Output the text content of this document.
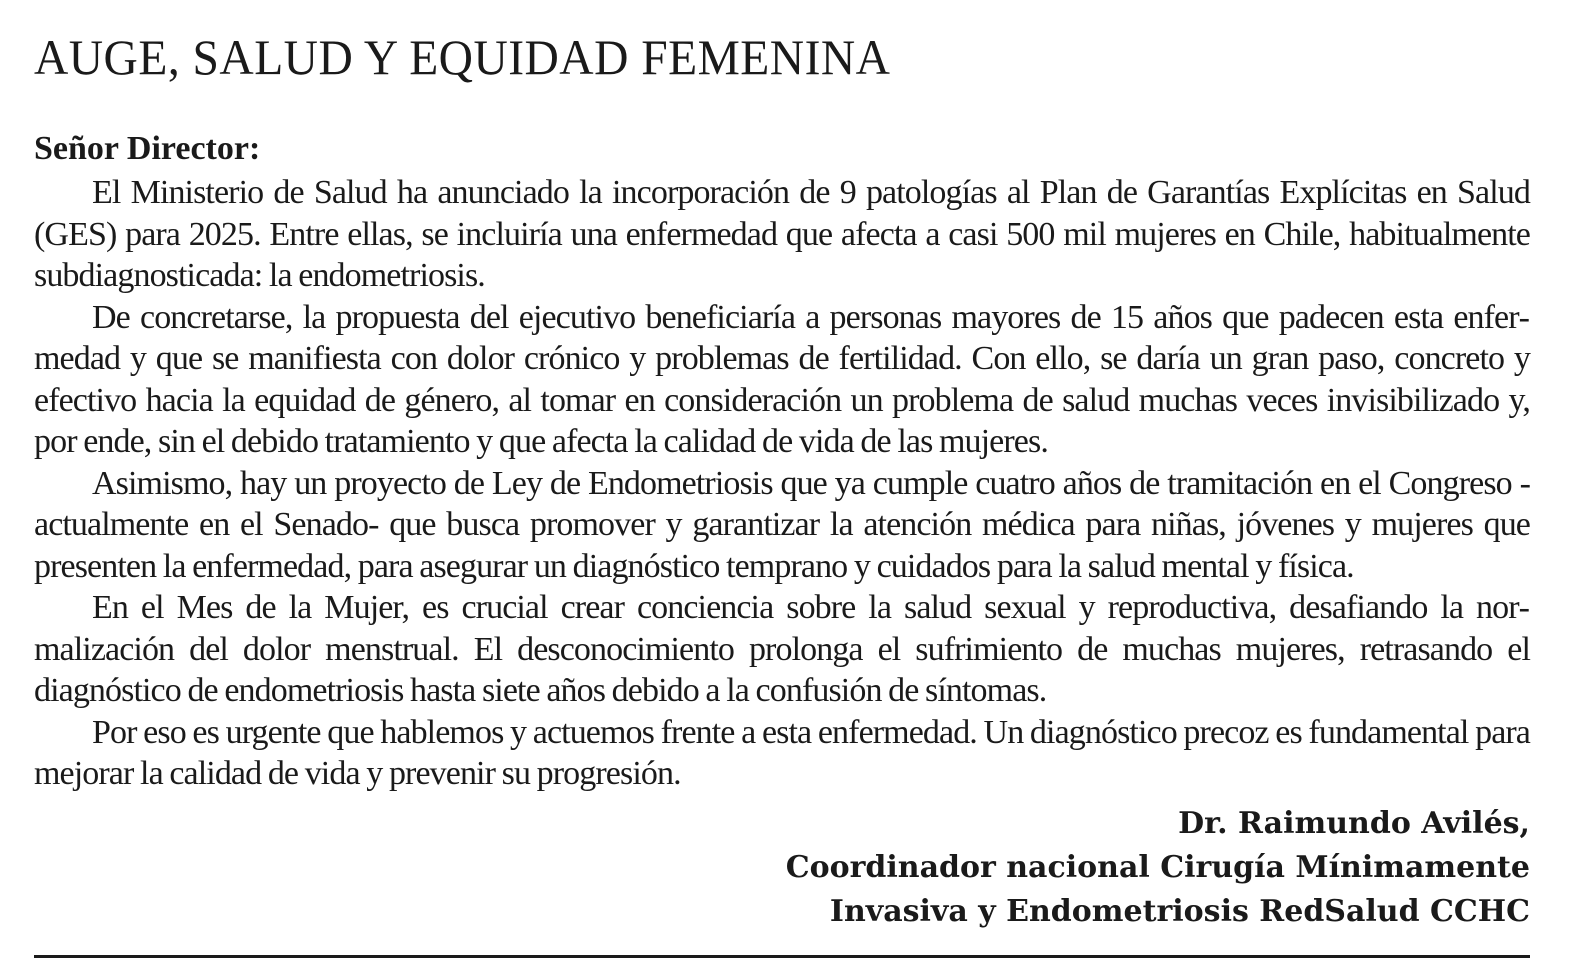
AUGE, SALUD Y EQUIDAD FEMENINA
Señor Director:

El Ministerio de Salud ha anunciado la incorporación de 9 patologías al Plan de Garantías Explícitas en Salud (GES) para 2025. Entre ellas, se incluiría una enfermedad que afecta a casi 500 mil mujeres en Chile, habitualmente subdiagnosticada: la endometriosis.

De concretarse, la propuesta del ejecutivo beneficiaría a personas mayores de 15 años que padecen esta enfermedad y que se manifiesta con dolor crónico y problemas de fertilidad. Con ello, se daría un gran paso, concreto y efectivo hacia la equidad de género, al tomar en consideración un problema de salud muchas veces invisibilizado y, por ende, sin el debido tratamiento y que afecta la calidad de vida de las mujeres.

Asimismo, hay un proyecto de Ley de Endometriosis que ya cumple cuatro años de tramitación en el Congreso -actualmente en el Senado- que busca promover y garantizar la atención médica para niñas, jóvenes y mujeres que presenten la enfermedad, para asegurar un diagnóstico temprano y cuidados para la salud mental y física.

En el Mes de la Mujer, es crucial crear conciencia sobre la salud sexual y reproductiva, desafiando la normalización del dolor menstrual. El desconocimiento prolonga el sufrimiento de muchas mujeres, retrasando el diagnóstico de endometriosis hasta siete años debido a la confusión de síntomas.

Por eso es urgente que hablemos y actuemos frente a esta enfermedad. Un diagnóstico precoz es fundamental para mejorar la calidad de vida y prevenir su progresión.

Dr. Raimundo Avilés,
Coordinador nacional Cirugía Mínimamente
Invasiva y Endometriosis RedSalud CCHC
